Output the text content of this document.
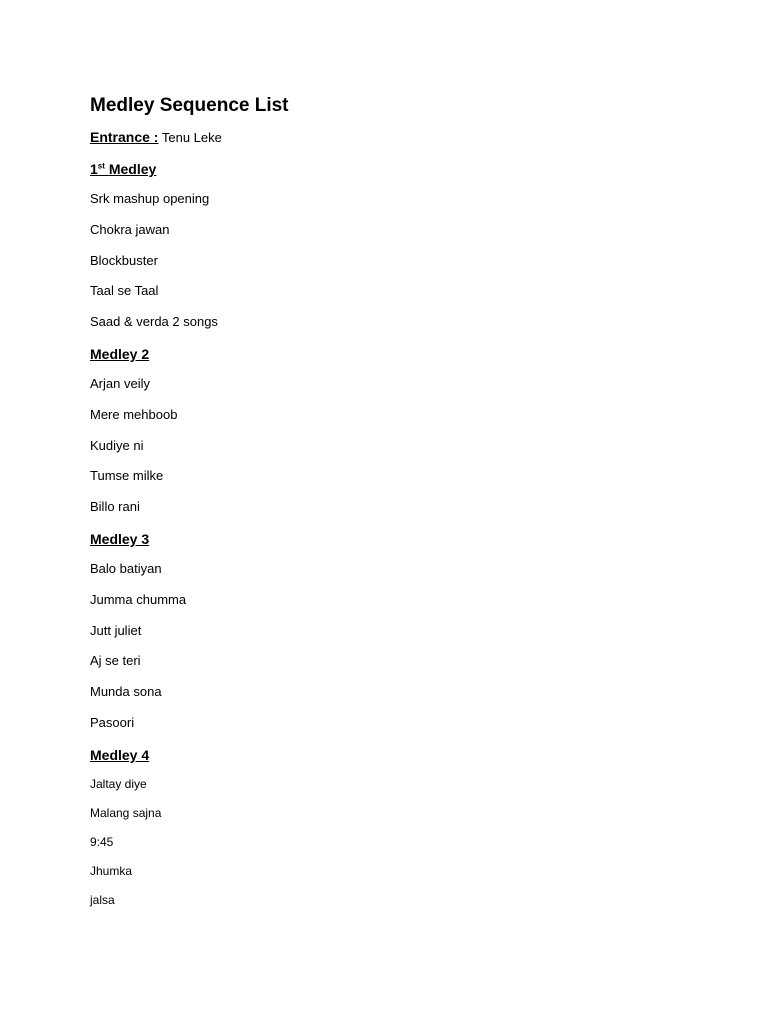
Medley Sequence List
Entrance : Tenu Leke
1st Medley
Srk mashup opening
Chokra jawan
Blockbuster
Taal se Taal
Saad & verda 2 songs
Medley 2
Arjan veily
Mere mehboob
Kudiye ni
Tumse milke
Billo rani
Medley 3
Balo batiyan
Jumma chumma
Jutt juliet
Aj se teri
Munda sona
Pasoori
Medley 4
Jaltay diye
Malang sajna
9:45
Jhumka
jalsa
